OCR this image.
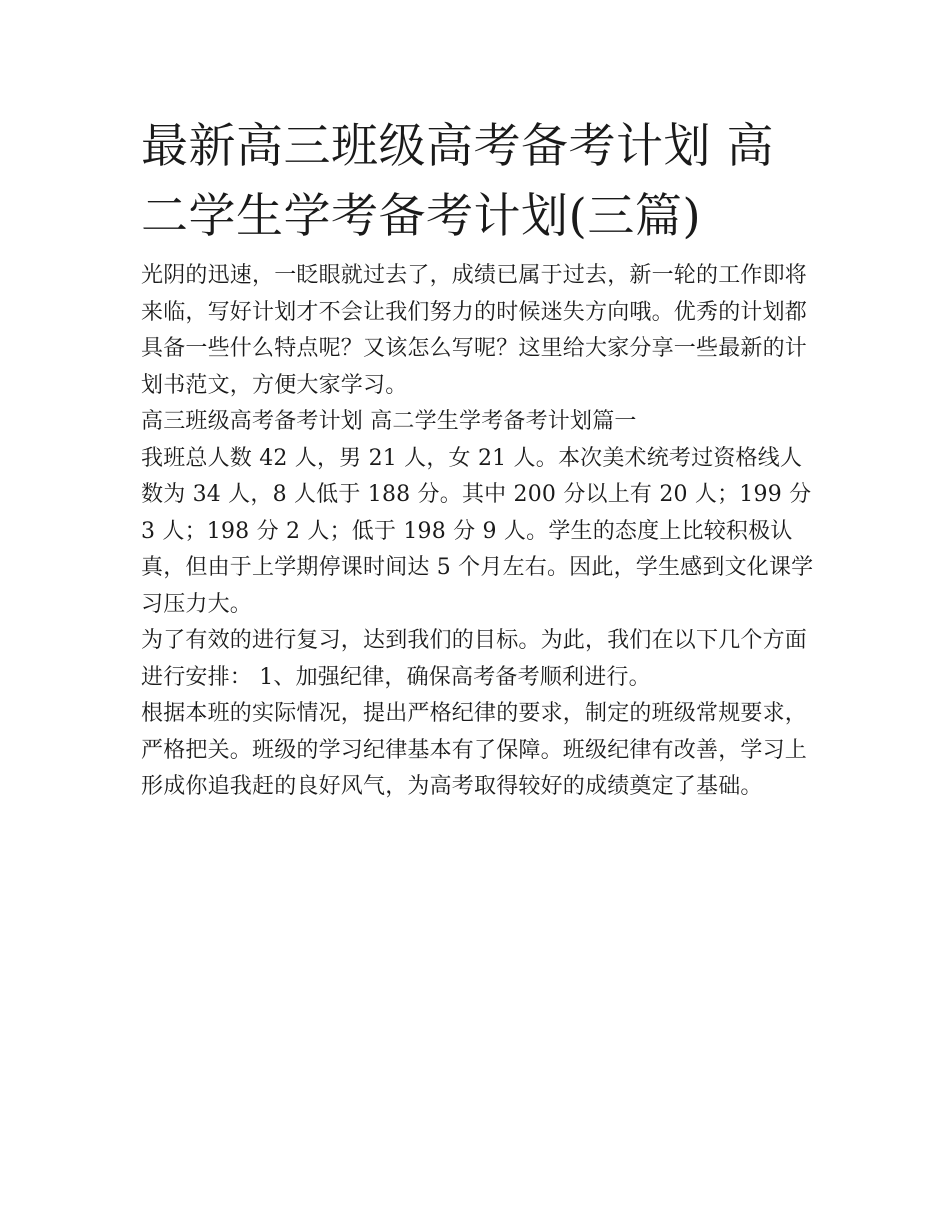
最新高三班级高考备考计划 高二学生学考备考计划(三篇)

光阴的迅速，一眨眼就过去了，成绩已属于过去，新一轮的工作即将来临，写好计划才不会让我们努力的时候迷失方向哦。优秀的计划都具备一些什么特点呢？又该怎么写呢？这里给大家分享一些最新的计划书范文，方便大家学习。

高三班级高考备考计划 高二学生学考备考计划篇一

我班总人数 42 人，男 21 人，女 21 人。本次美术统考过资格线人数为 34 人，8 人低于 188 分。其中 200 分以上有 20 人；199 分 3 人；198 分 2 人；低于 198 分 9 人。学生的态度上比较积极认真，但由于上学期停课时间达 5 个月左右。因此，学生感到文化课学习压力大。

为了有效的进行复习，达到我们的目标。为此，我们在以下几个方面进行安排： 1、加强纪律，确保高考备考顺利进行。

根据本班的实际情况，提出严格纪律的要求，制定的班级常规要求，严格把关。班级的学习纪律基本有了保障。班级纪律有改善，学习上形成你追我赶的良好风气，为高考取得较好的成绩奠定了基础。
